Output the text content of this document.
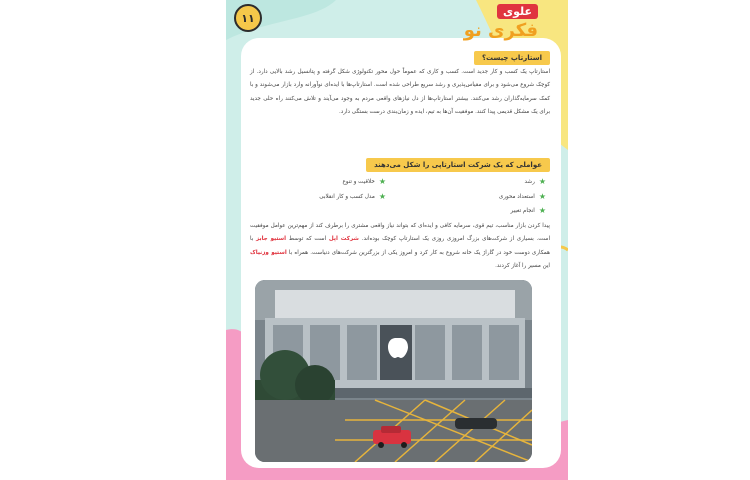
۱۱	علوی
فکری نو
استارتاپ چیست؟
استارتاپ یک کسب و کار جدید است. کسب و کاری که عموماً حول محور تکنولوژی شکل گرفته و پتانسیل رشد بالایی دارد. از کوچک شروع می‌شود و برای مقیاس‌پذیری و رشد سریع طراحی شده است. استارتاپ‌ها با ایده‌ای نوآورانه وارد بازار می‌شوند و با کمک سرمایه‌گذاران رشد می‌کنند. بیشتر استارتاپ‌ها از دل نیازهای واقعی مردم به وجود می‌آیند و تلاش می‌کنند راه حلی جدید برای یک مشکل قدیمی پیدا کنند. موفقیت آن‌ها به تیم، ایده و زمان‌بندی درست بستگی دارد.
عواملی که یک شرکت استارتاپی را شکل می‌دهند
★
رشد
★
خلاقیت و تنوع
★
استعداد محوری
★
مدل کسب و کار انقلابی
★
انجام تغییر
پیدا کردن بازار مناسب، تیم قوی، سرمایه کافی و ایده‌ای که بتواند نیاز واقعی مشتری را برطرف کند از مهم‌ترین عوامل موفقیت است. بسیاری از شرکت‌های بزرگ امروزی روزی یک استارتاپ کوچک بوده‌اند. شرکت اپل است که توسط استیو جابز با همکاری دوست خود در گاراژ یک خانه شروع به کار کرد و امروز یکی از بزرگترین شرکت‌های دنیاست. همراه با استیو وزنیاک این مسیر را آغاز کردند.
